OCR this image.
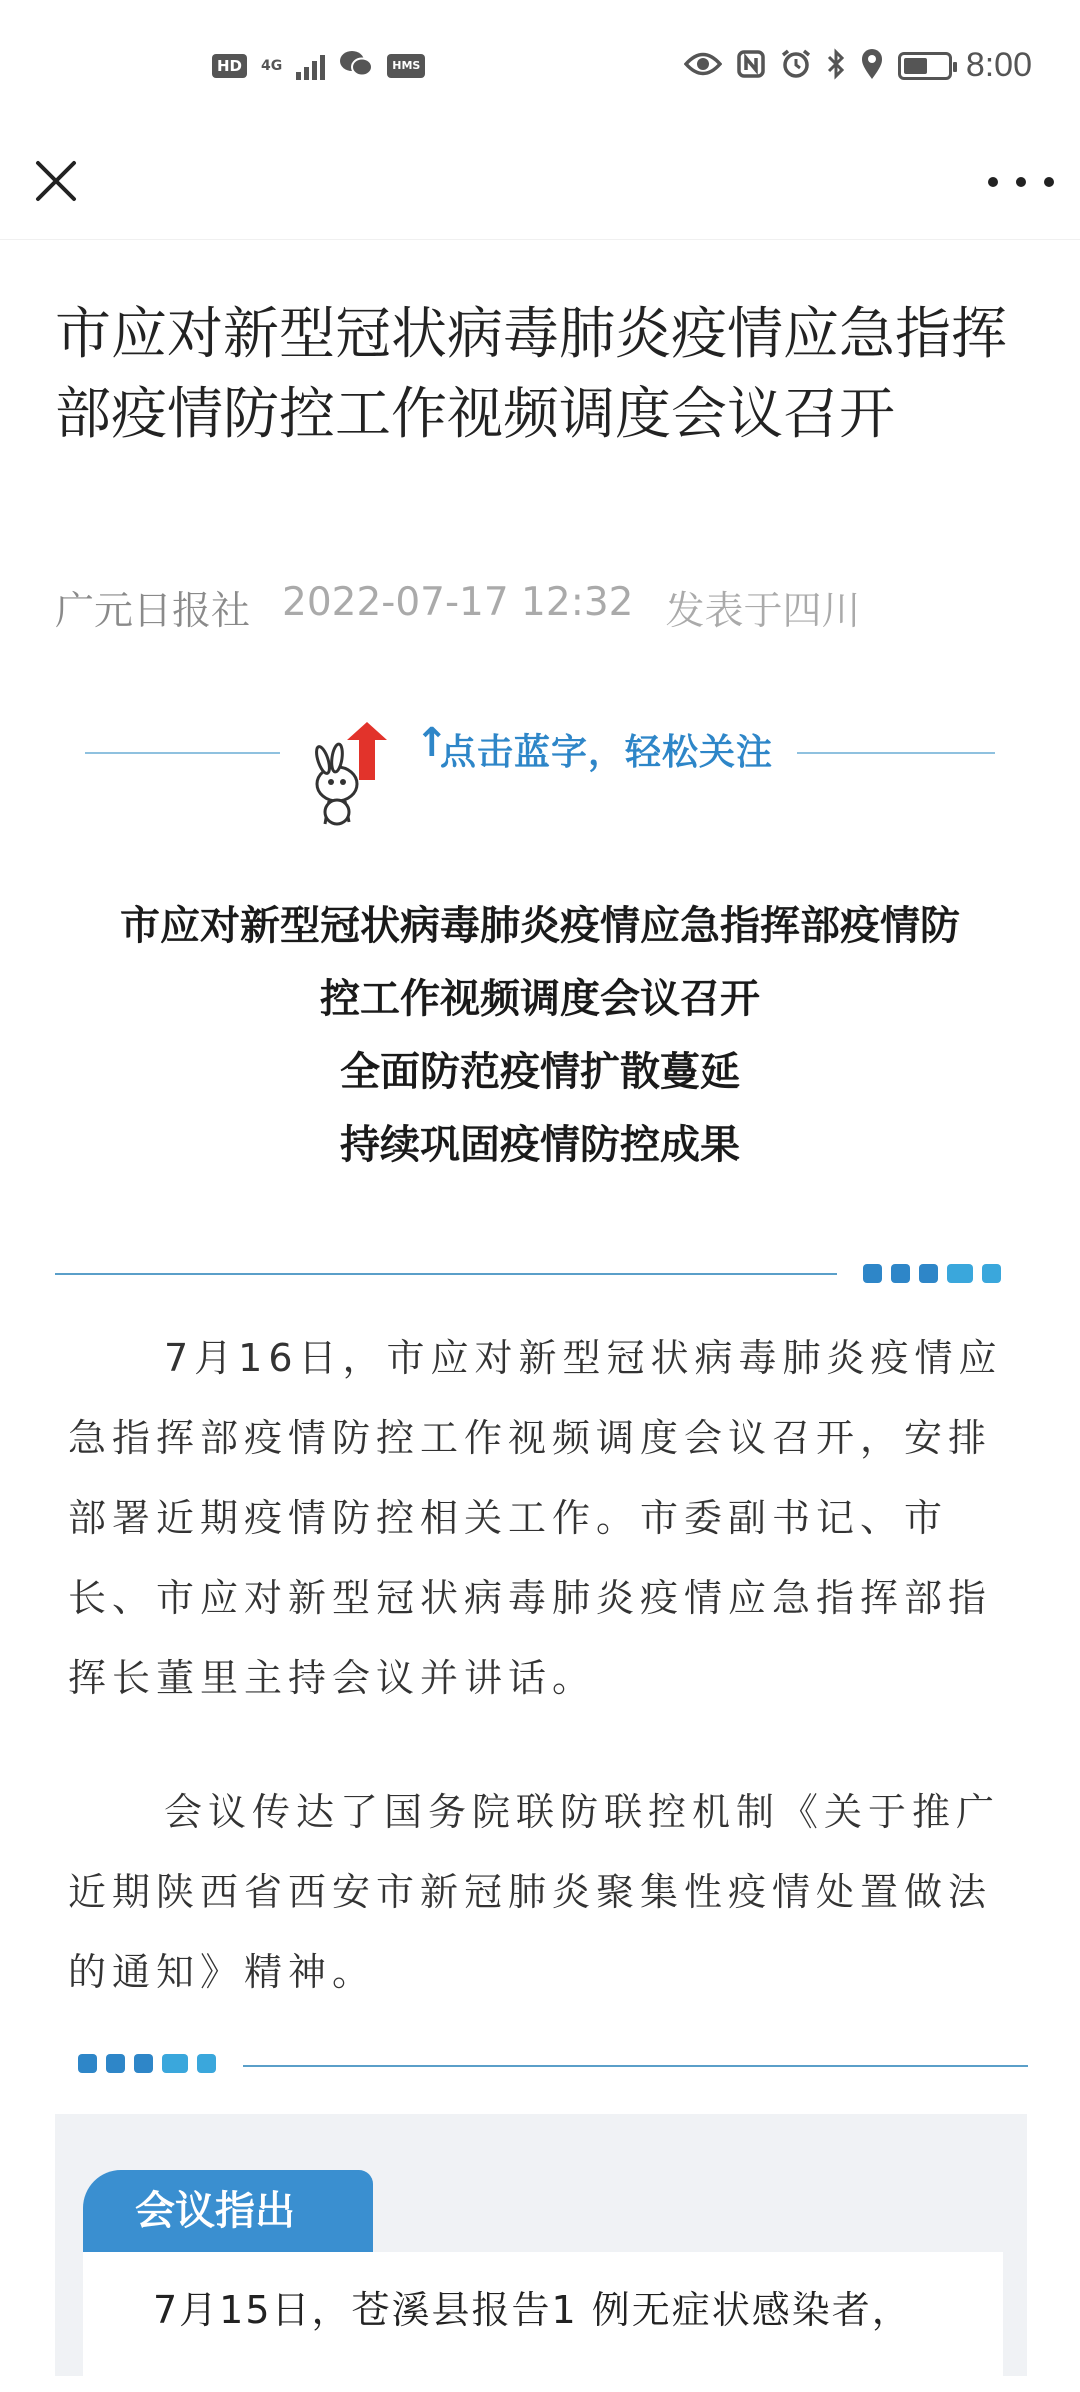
HD	4G	HMS	8:00
市应对新型冠状病毒肺炎疫情应急指挥部疫情防控工作视频调度会议召开
广元日报社 2022-07-17 12:32 发表于四川
↑
点击蓝字，轻松关注
市应对新型冠状病毒肺炎疫情应急指挥部疫情防
控工作视频调度会议召开
全面防范疫情扩散蔓延
持续巩固疫情防控成果

7月16日，市应对新型冠状病毒肺炎疫情应急指挥部疫情防控工作视频调度会议召开，安排部署近期疫情防控相关工作。市委副书记、市长、市应对新型冠状病毒肺炎疫情应急指挥部指挥长董里主持会议并讲话。

会议传达了国务院联防联控机制《关于推广近期陕西省西安市新冠肺炎聚集性疫情处置做法的通知》精神。

会议指出
7月15日，苍溪县报告1 例无症状感染者，
